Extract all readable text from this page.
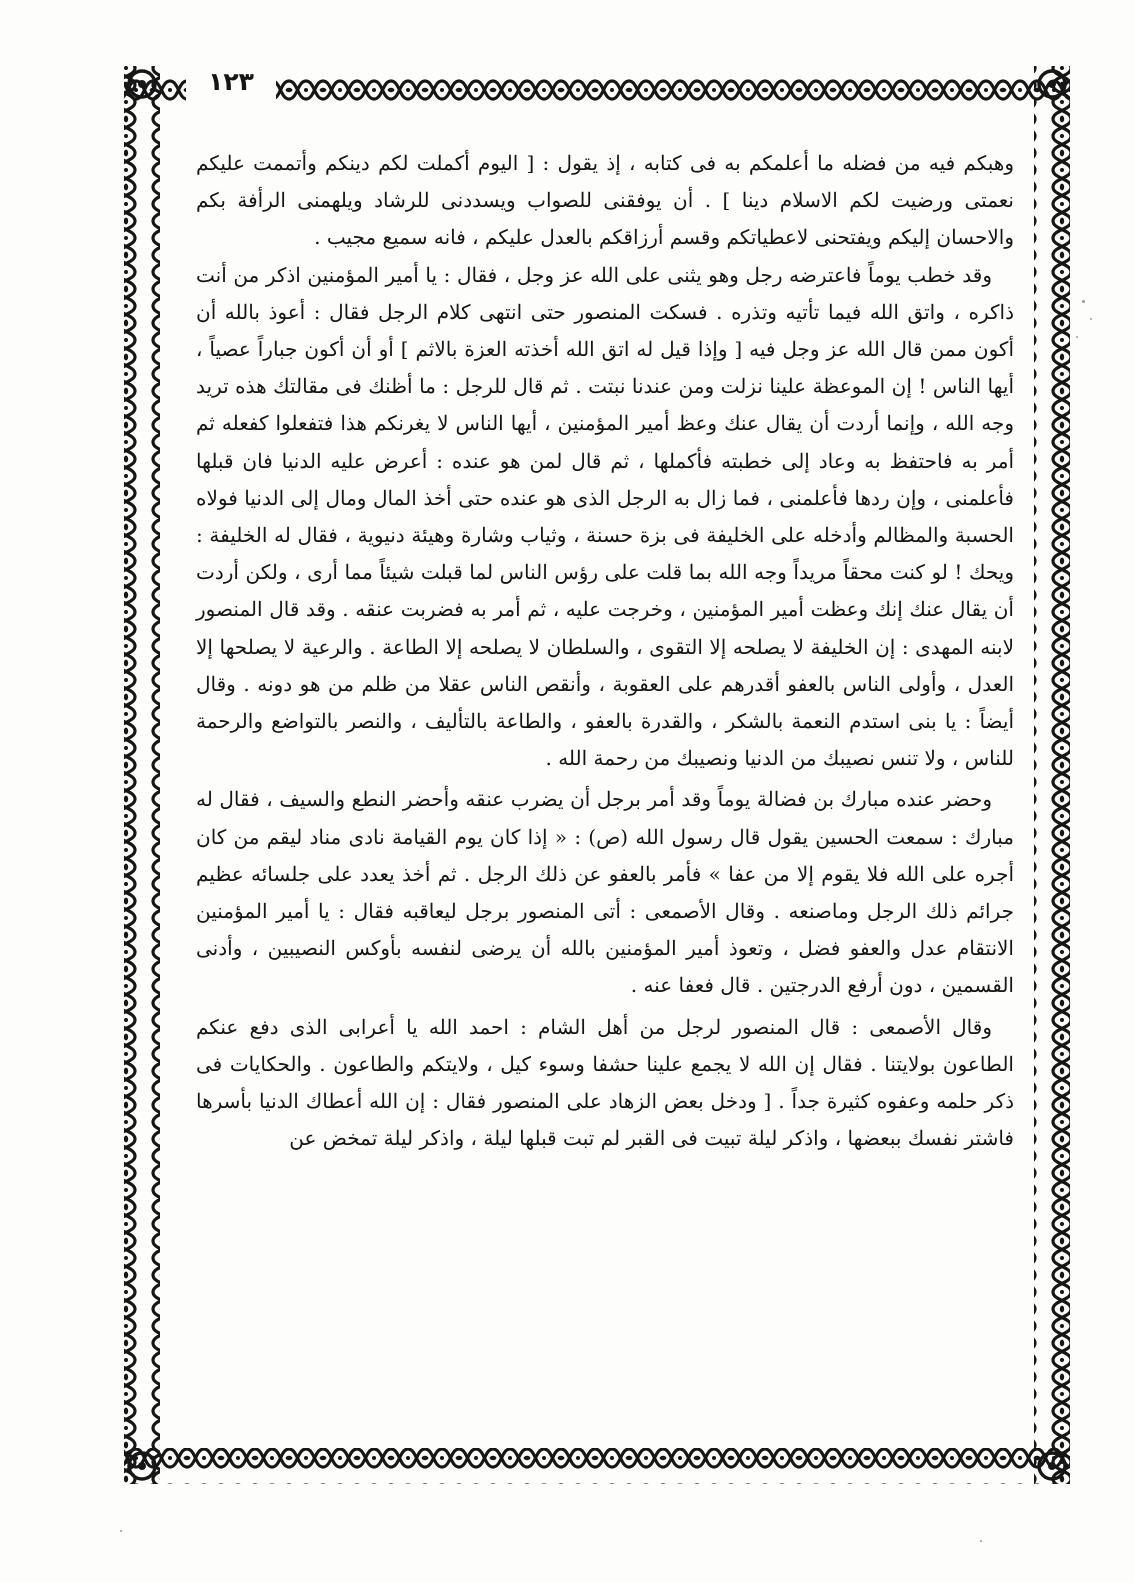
١٢٣

وهبكم فيه من فضله ما أعلمكم به فى كتابه ، إذ يقول : [ اليوم أكملت لكم دينكم وأتممت عليكم نعمتى ورضيت لكم الاسلام دينا ] . أن يوفقنى للصواب ويسددنى للرشاد ويلهمنى الرأفة بكم والاحسان إليكم ويفتحنى لاعطياتكم وقسم أرزاقكم بالعدل عليكم ، فانه سميع مجيب .

وقد خطب يوماً فاعترضه رجل وهو يثنى على الله عز وجل ، فقال : يا أمير المؤمنين اذكر من أنت ذاكره ، واتق الله فيما تأتيه وتذره . فسكت المنصور حتى انتهى كلام الرجل فقال : أعوذ بالله أن أكون ممن قال الله عز وجل فيه [ وإذا قيل له اتق الله أخذته العزة بالاثم ] أو أن أكون جباراً عصياً ، أيها الناس ! إن الموعظة علينا نزلت ومن عندنا نبتت . ثم قال للرجل : ما أظنك فى مقالتك هذه تريد وجه الله ، وإنما أردت أن يقال عنك وعظ أمير المؤمنين ، أيها الناس لا يغرنكم هذا فتفعلوا كفعله ثم أمر به فاحتفظ به وعاد إلى خطبته فأكملها ، ثم قال لمن هو عنده : أعرض عليه الدنيا فان قبلها فأعلمنى ، وإن ردها فأعلمنى ، فما زال به الرجل الذى هو عنده حتى أخذ المال ومال إلى الدنيا فولاه الحسبة والمظالم وأدخله على الخليفة فى بزة حسنة ، وثياب وشارة وهيئة دنيوية ، فقال له الخليفة : ويحك ! لو كنت محقاً مريداً وجه الله بما قلت على رؤس الناس لما قبلت شيئاً مما أرى ، ولكن أردت أن يقال عنك إنك وعظت أمير المؤمنين ، وخرجت عليه ، ثم أمر به فضربت عنقه . وقد قال المنصور لابنه المهدى : إن الخليفة لا يصلحه إلا التقوى ، والسلطان لا يصلحه إلا الطاعة . والرعية لا يصلحها إلا العدل ، وأولى الناس بالعفو أقدرهم على العقوبة ، وأنقص الناس عقلا من ظلم من هو دونه . وقال أيضاً : يا بنى استدم النعمة بالشكر ، والقدرة بالعفو ، والطاعة بالتأليف ، والنصر بالتواضع والرحمة للناس ، ولا تنس نصيبك من الدنيا ونصيبك من رحمة الله .

وحضر عنده مبارك بن فضالة يوماً وقد أمر برجل أن يضرب عنقه وأحضر النطع والسيف ، فقال له مبارك : سمعت الحسين يقول قال رسول الله (ص) : « إذا كان يوم القيامة نادى مناد ليقم من كان أجره على الله فلا يقوم إلا من عفا » فأمر بالعفو عن ذلك الرجل . ثم أخذ يعدد على جلسائه عظيم جرائم ذلك الرجل وماصنعه . وقال الأصمعى : أتى المنصور برجل ليعاقبه فقال : يا أمير المؤمنين الانتقام عدل والعفو فضل ، وتعوذ أمير المؤمنين بالله أن يرضى لنفسه بأوكس النصيبين ، وأدنى القسمين ، دون أرفع الدرجتين . قال فعفا عنه .

وقال الأصمعى : قال المنصور لرجل من أهل الشام : احمد الله يا أعرابى الذى دفع عنكم الطاعون بولايتنا . فقال إن الله لا يجمع علينا حشفا وسوء كيل ، ولايتكم والطاعون . والحكايات فى ذكر حلمه وعفوه كثيرة جداً . [ ودخل بعض الزهاد على المنصور فقال : إن الله أعطاك الدنيا بأسرها فاشتر نفسك ببعضها ، واذكر ليلة تبيت فى القبر لم تبت قبلها ليلة ، واذكر ليلة تمخض عن
